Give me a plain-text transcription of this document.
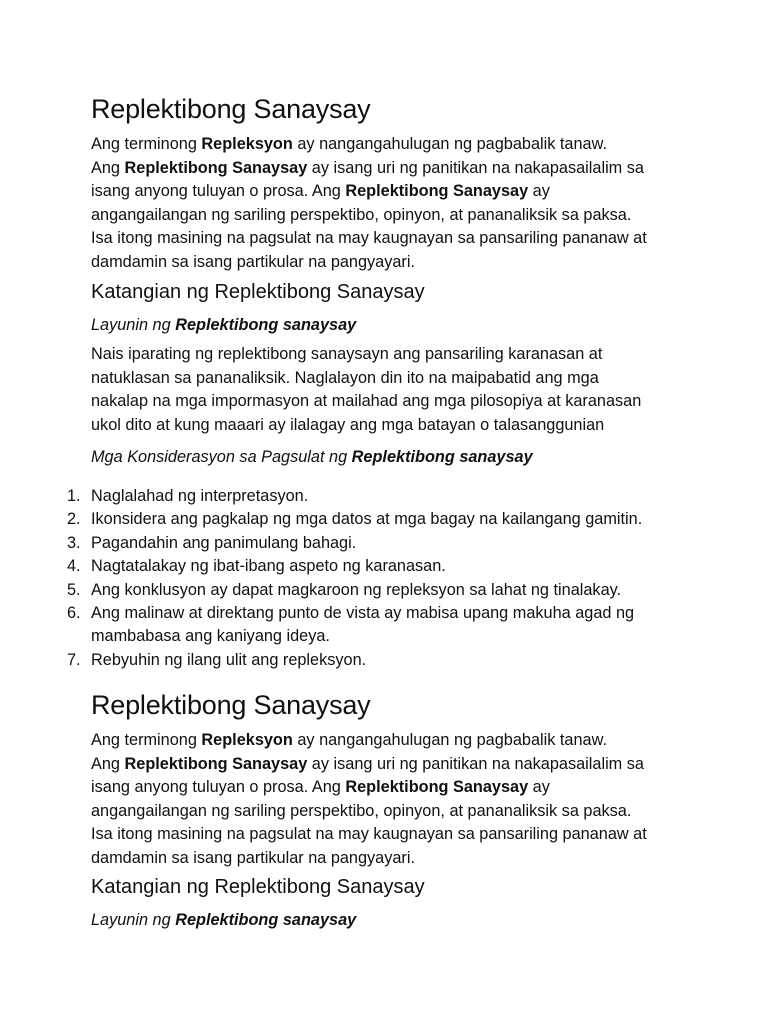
Replektibong Sanaysay

Ang terminong Repleksyon ay nangangahulugan ng pagbabalik tanaw.
Ang Replektibong Sanaysay ay isang uri ng panitikan na nakapasailalim sa
isang anyong tuluyan o prosa. Ang Replektibong Sanaysay ay
angangailangan ng sariling perspektibo, opinyon, at pananaliksik sa paksa.
Isa itong masining na pagsulat na may kaugnayan sa pansariling pananaw at
damdamin sa isang partikular na pangyayari.

Katangian ng Replektibong Sanaysay

Layunin ng Replektibong sanaysay

Nais iparating ng replektibong sanaysayn ang pansariling karanasan at
natuklasan sa pananaliksik. Naglalayon din ito na maipabatid ang mga
nakalap na mga impormasyon at mailahad ang mga pilosopiya at karanasan
ukol dito at kung maaari ay ilalagay ang mga batayan o talasanggunian

Mga Konsiderasyon sa Pagsulat ng Replektibong sanaysay

1. Naglalahad ng interpretasyon.
2. Ikonsidera ang pagkalap ng mga datos at mga bagay na kailangang gamitin.
3. Pagandahin ang panimulang bahagi.
4. Nagtatalakay ng ibat-ibang aspeto ng karanasan.
5. Ang konklusyon ay dapat magkaroon ng repleksyon sa lahat ng tinalakay.
6. Ang malinaw at direktang punto de vista ay mabisa upang makuha agad ng
mambabasa ang kaniyang ideya.
7. Rebyuhin ng ilang ulit ang repleksyon.
Replektibong Sanaysay

Ang terminong Repleksyon ay nangangahulugan ng pagbabalik tanaw.
Ang Replektibong Sanaysay ay isang uri ng panitikan na nakapasailalim sa
isang anyong tuluyan o prosa. Ang Replektibong Sanaysay ay
angangailangan ng sariling perspektibo, opinyon, at pananaliksik sa paksa.
Isa itong masining na pagsulat na may kaugnayan sa pansariling pananaw at
damdamin sa isang partikular na pangyayari.

Katangian ng Replektibong Sanaysay

Layunin ng Replektibong sanaysay
